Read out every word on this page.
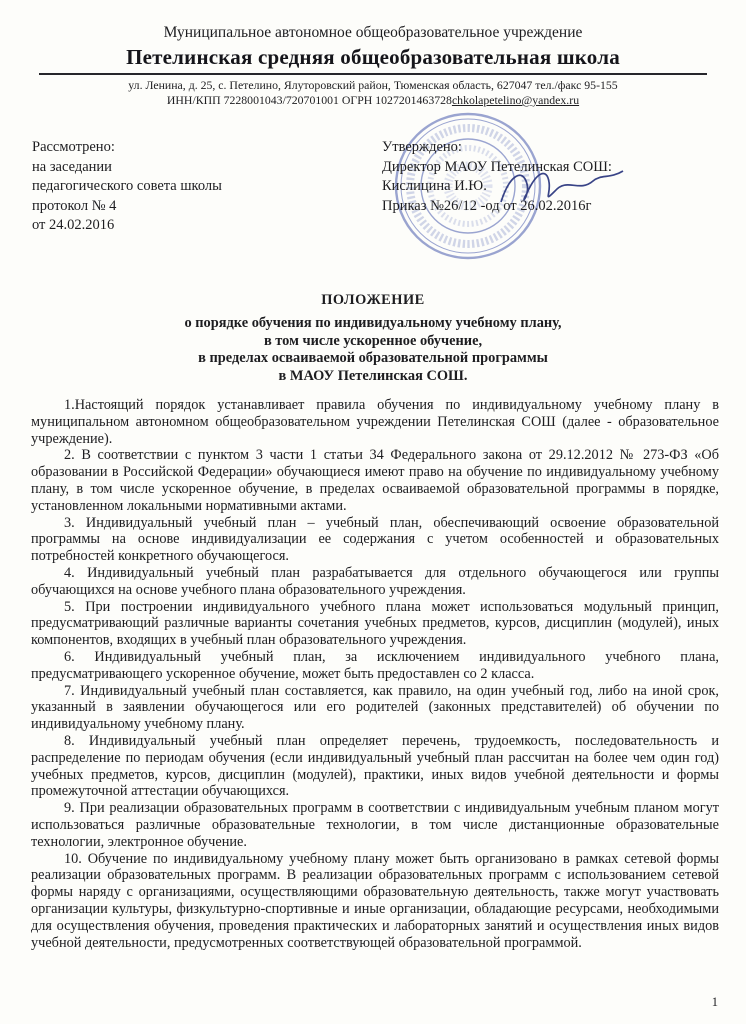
Муниципальное автономное общеобразовательное учреждение
Петелинская средняя общеобразовательная школа
ул. Ленина, д. 25, с. Петелино, Ялуторовский район, Тюменская область, 627047 тел./факс 95-155
ИНН/КПП 7228001043/720701001 ОГРН 1027201463728chkolapetelino@yandex.ru
Рассмотрено:
на заседании
педагогического совета школы
протокол № 4
от 24.02.2016
Утверждено:
Директор МАОУ Петелинская СОШ:
Кислицина И.Ю.
Приказ №26/12 -од от 26.02.2016г
ПОЛОЖЕНИЕ
о порядке обучения по индивидуальному учебному плану,
в том числе ускоренное обучение,
в пределах осваиваемой образовательной программы
в МАОУ Петелинская СОШ.

1.Настоящий порядок устанавливает правила обучения по индивидуальному учебному плану в муниципальном автономном общеобразовательном учреждении Петелинская СОШ (далее - образовательное учреждение).

2. В соответствии с пунктом 3 части 1 статьи 34 Федерального закона от 29.12.2012 № 273-ФЗ «Об образовании в Российской Федерации» обучающиеся имеют право на обучение по индивидуальному учебному плану, в том числе ускоренное обучение, в пределах осваиваемой образовательной программы в порядке, установленном локальными нормативными актами.

3. Индивидуальный учебный план – учебный план, обеспечивающий освоение образовательной программы на основе индивидуализации ее содержания с учетом особенностей и образовательных потребностей конкретного обучающегося.

4. Индивидуальный учебный план разрабатывается для отдельного обучающегося или группы обучающихся на основе учебного плана образовательного учреждения.

5. При построении индивидуального учебного плана может использоваться модульный принцип, предусматривающий различные варианты сочетания учебных предметов, курсов, дисциплин (модулей), иных компонентов, входящих в учебный план образовательного учреждения.

6. Индивидуальный учебный план, за исключением индивидуального учебного плана, предусматривающего ускоренное обучение, может быть предоставлен со 2 класса.

7. Индивидуальный учебный план составляется, как правило, на один учебный год, либо на иной срок, указанный в заявлении обучающегося или его родителей (законных представителей) об обучении по индивидуальному учебному плану.

8. Индивидуальный учебный план определяет перечень, трудоемкость, последовательность и распределение по периодам обучения (если индивидуальный учебный план рассчитан на более чем один год) учебных предметов, курсов, дисциплин (модулей), практики, иных видов учебной деятельности и формы промежуточной аттестации обучающихся.

9. При реализации образовательных программ в соответствии с индивидуальным учебным планом могут использоваться различные образовательные технологии, в том числе дистанционные образовательные технологии, электронное обучение.

10. Обучение по индивидуальному учебному плану может быть организовано в рамках сетевой формы реализации образовательных программ. В реализации образовательных программ с использованием сетевой формы наряду с организациями, осуществляющими образовательную деятельность, также могут участвовать организации культуры, физкультурно-спортивные и иные организации, обладающие ресурсами, необходимыми для осуществления обучения, проведения практических и лабораторных занятий и осуществления иных видов учебной деятельности, предусмотренных соответствующей образовательной программой.

1
